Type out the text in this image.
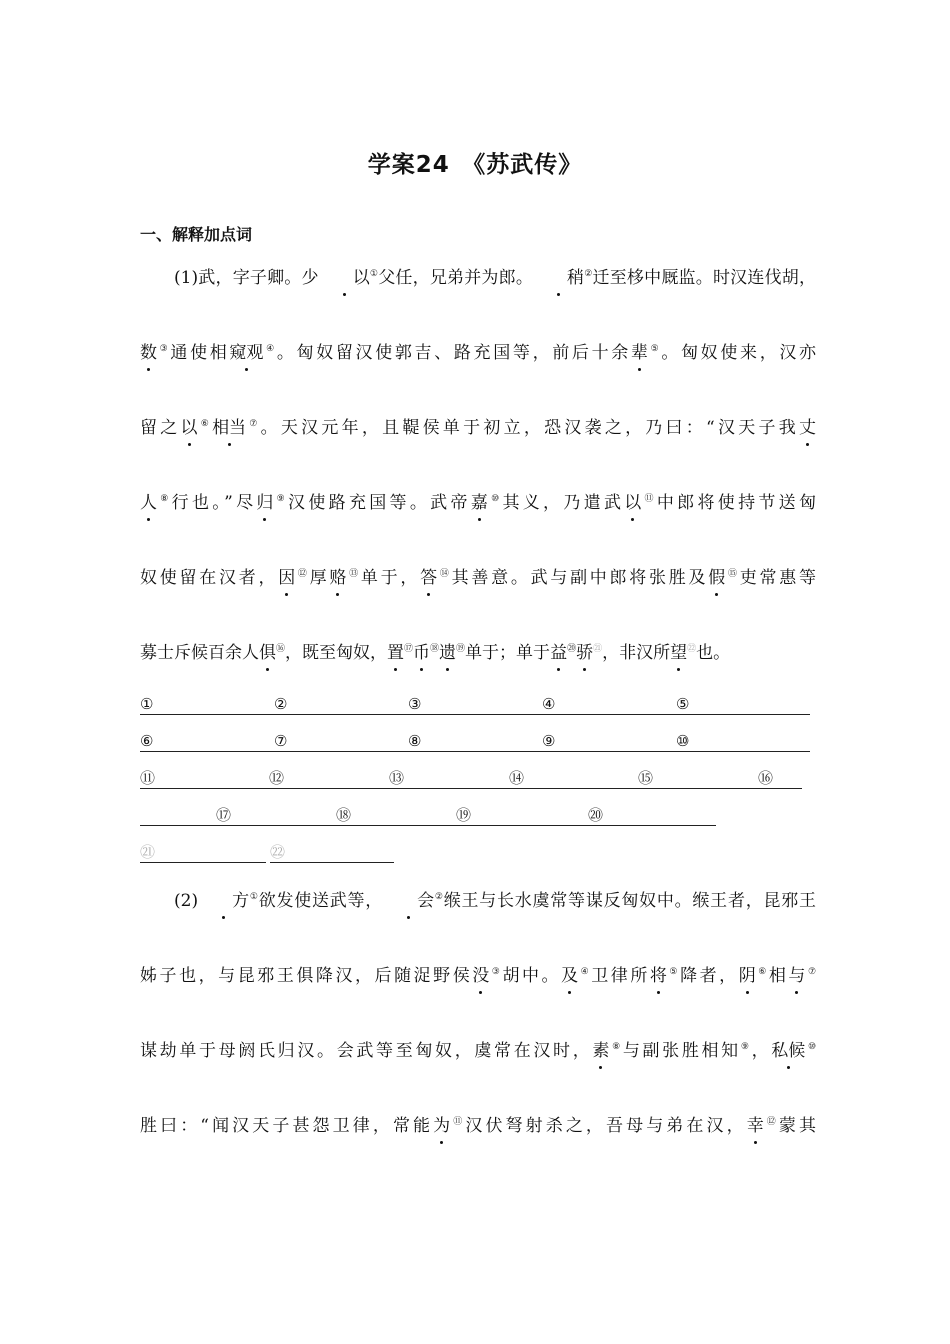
学案24　《苏武传》
一、解释加点词
(1)武，字子卿。少 以①父任，兄弟并为郎。 稍②迁至栘中厩监。时汉连伐胡，
数③通使相窥观④。匈奴留汉使郭吉、路充国等，前后十余辈⑤。匈奴使来，汉亦
留之以⑥相当⑦。天汉元年，且鞮侯单于初立，恐汉袭之，乃曰：“汉天子我丈
人⑧行也。”尽归⑨汉使路充国等。武帝嘉⑩其义，乃遣武以⑪中郎将使持节送匈
奴使留在汉者，因⑫厚赂⑬单于，答⑭其善意。武与副中郎将张胜及假⑮吏常惠等
募士斥候百余人俱⑯，既至匈奴，置⑰币⑱遗⑲单于；单于益⑳骄$^㉑$，非汉所望$^㉒$也。
①	②	③	④	⑤
⑥	⑦	⑧	⑨	⑩
⑪	⑫	⑬	⑭	⑮	⑯
⑰	⑱	⑲	⑳
㉑	㉒
(2) 方①欲发使送武等， 会②缑王与长水虞常等谋反匈奴中。缑王者，昆邪王
姊子也，与昆邪王俱降汉，后随浞野侯没③胡中。及④卫律所将⑤降者，阴⑥相与⑦
谋劫单于母阏氏归汉。会武等至匈奴，虞常在汉时，素⑧与副张胜相知⑨，私候⑩
胜曰：“闻汉天子甚怨卫律，常能为⑪汉伏弩射杀之，吾母与弟在汉，幸⑫蒙其
